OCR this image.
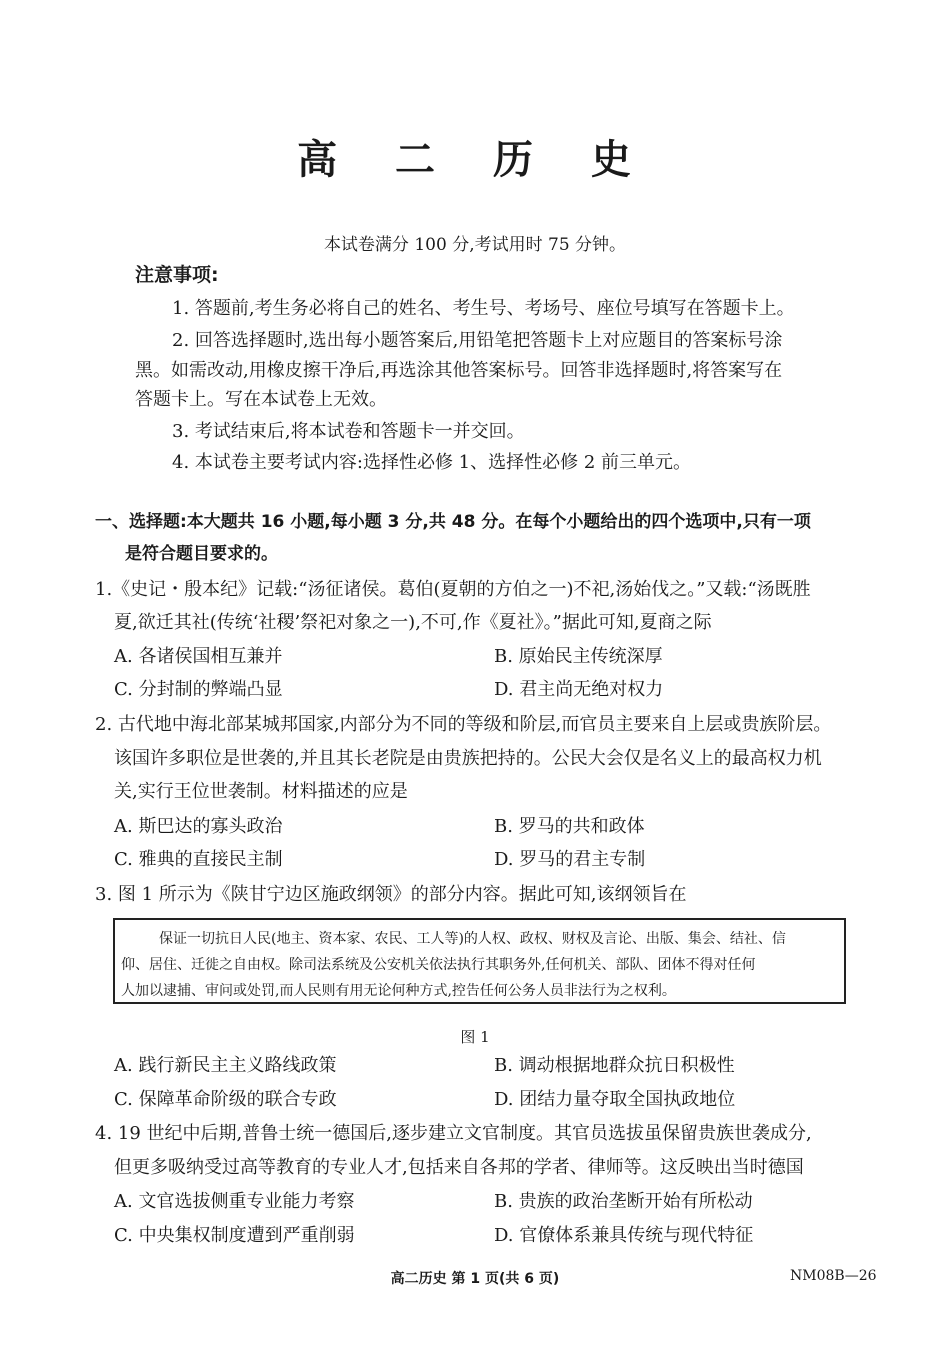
高 二 历 史
本试卷满分 100 分,考试用时 75 分钟。
注意事项:
1. 答题前,考生务必将自己的姓名、考生号、考场号、座位号填写在答题卡上。
2. 回答选择题时,选出每小题答案后,用铅笔把答题卡上对应题目的答案标号涂
黑。如需改动,用橡皮擦干净后,再选涂其他答案标号。回答非选择题时,将答案写在
答题卡上。写在本试卷上无效。
3. 考试结束后,将本试卷和答题卡一并交回。
4. 本试卷主要考试内容:选择性必修 1、选择性必修 2 前三单元。
一、选择题:本大题共 16 小题,每小题 3 分,共 48 分。在每个小题给出的四个选项中,只有一项
是符合题目要求的。
1.《史记・殷本纪》记载:“汤征诸侯。葛伯(夏朝的方伯之一)不祀,汤始伐之。”又载:“汤既胜
夏,欲迁其社(传统‘社稷’祭祀对象之一),不可,作《夏社》。”据此可知,夏商之际
A. 各诸侯国相互兼并	B. 原始民主传统深厚
C. 分封制的弊端凸显	D. 君主尚无绝对权力
2. 古代地中海北部某城邦国家,内部分为不同的等级和阶层,而官员主要来自上层或贵族阶层。
该国许多职位是世袭的,并且其长老院是由贵族把持的。公民大会仅是名义上的最高权力机
关,实行王位世袭制。材料描述的应是
A. 斯巴达的寡头政治	B. 罗马的共和政体
C. 雅典的直接民主制	D. 罗马的君主专制
3. 图 1 所示为《陕甘宁边区施政纲领》的部分内容。据此可知,该纲领旨在
保证一切抗日人民(地主、资本家、农民、工人等)的人权、政权、财权及言论、出版、集会、结社、信
仰、居住、迁徙之自由权。除司法系统及公安机关依法执行其职务外,任何机关、部队、团体不得对任何
人加以逮捕、审问或处罚,而人民则有用无论何种方式,控告任何公务人员非法行为之权利。
图 1
A. 践行新民主主义路线政策	B. 调动根据地群众抗日积极性
C. 保障革命阶级的联合专政	D. 团结力量夺取全国执政地位
4. 19 世纪中后期,普鲁士统一德国后,逐步建立文官制度。其官员选拔虽保留贵族世袭成分,
但更多吸纳受过高等教育的专业人才,包括来自各邦的学者、律师等。这反映出当时德国
A. 文官选拔侧重专业能力考察	B. 贵族的政治垄断开始有所松动
C. 中央集权制度遭到严重削弱	D. 官僚体系兼具传统与现代特征
高二历史 第 1 页(共 6 页)	NM08B—26
